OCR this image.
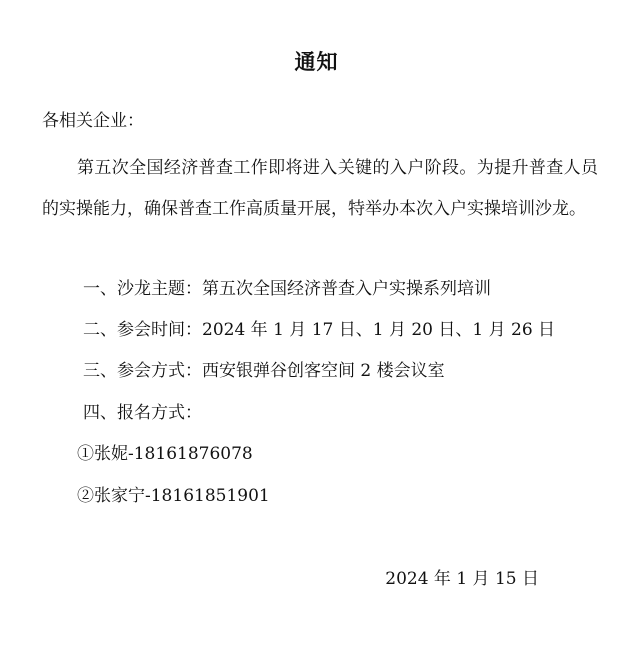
通知
各相关企业：
第五次全国经济普查工作即将进入关键的入户阶段。为提升普查人员的实操能力，确保普查工作高质量开展，特举办本次入户实操培训沙龙。
一、沙龙主题：第五次全国经济普查入户实操系列培训
二、参会时间：2024 年 1 月 17 日、1 月 20 日、1 月 26 日
三、参会方式：西安银弹谷创客空间 2 楼会议室
四、报名方式：
①张妮-18161876078
②张家宁-18161851901
2024 年 1 月 15 日
